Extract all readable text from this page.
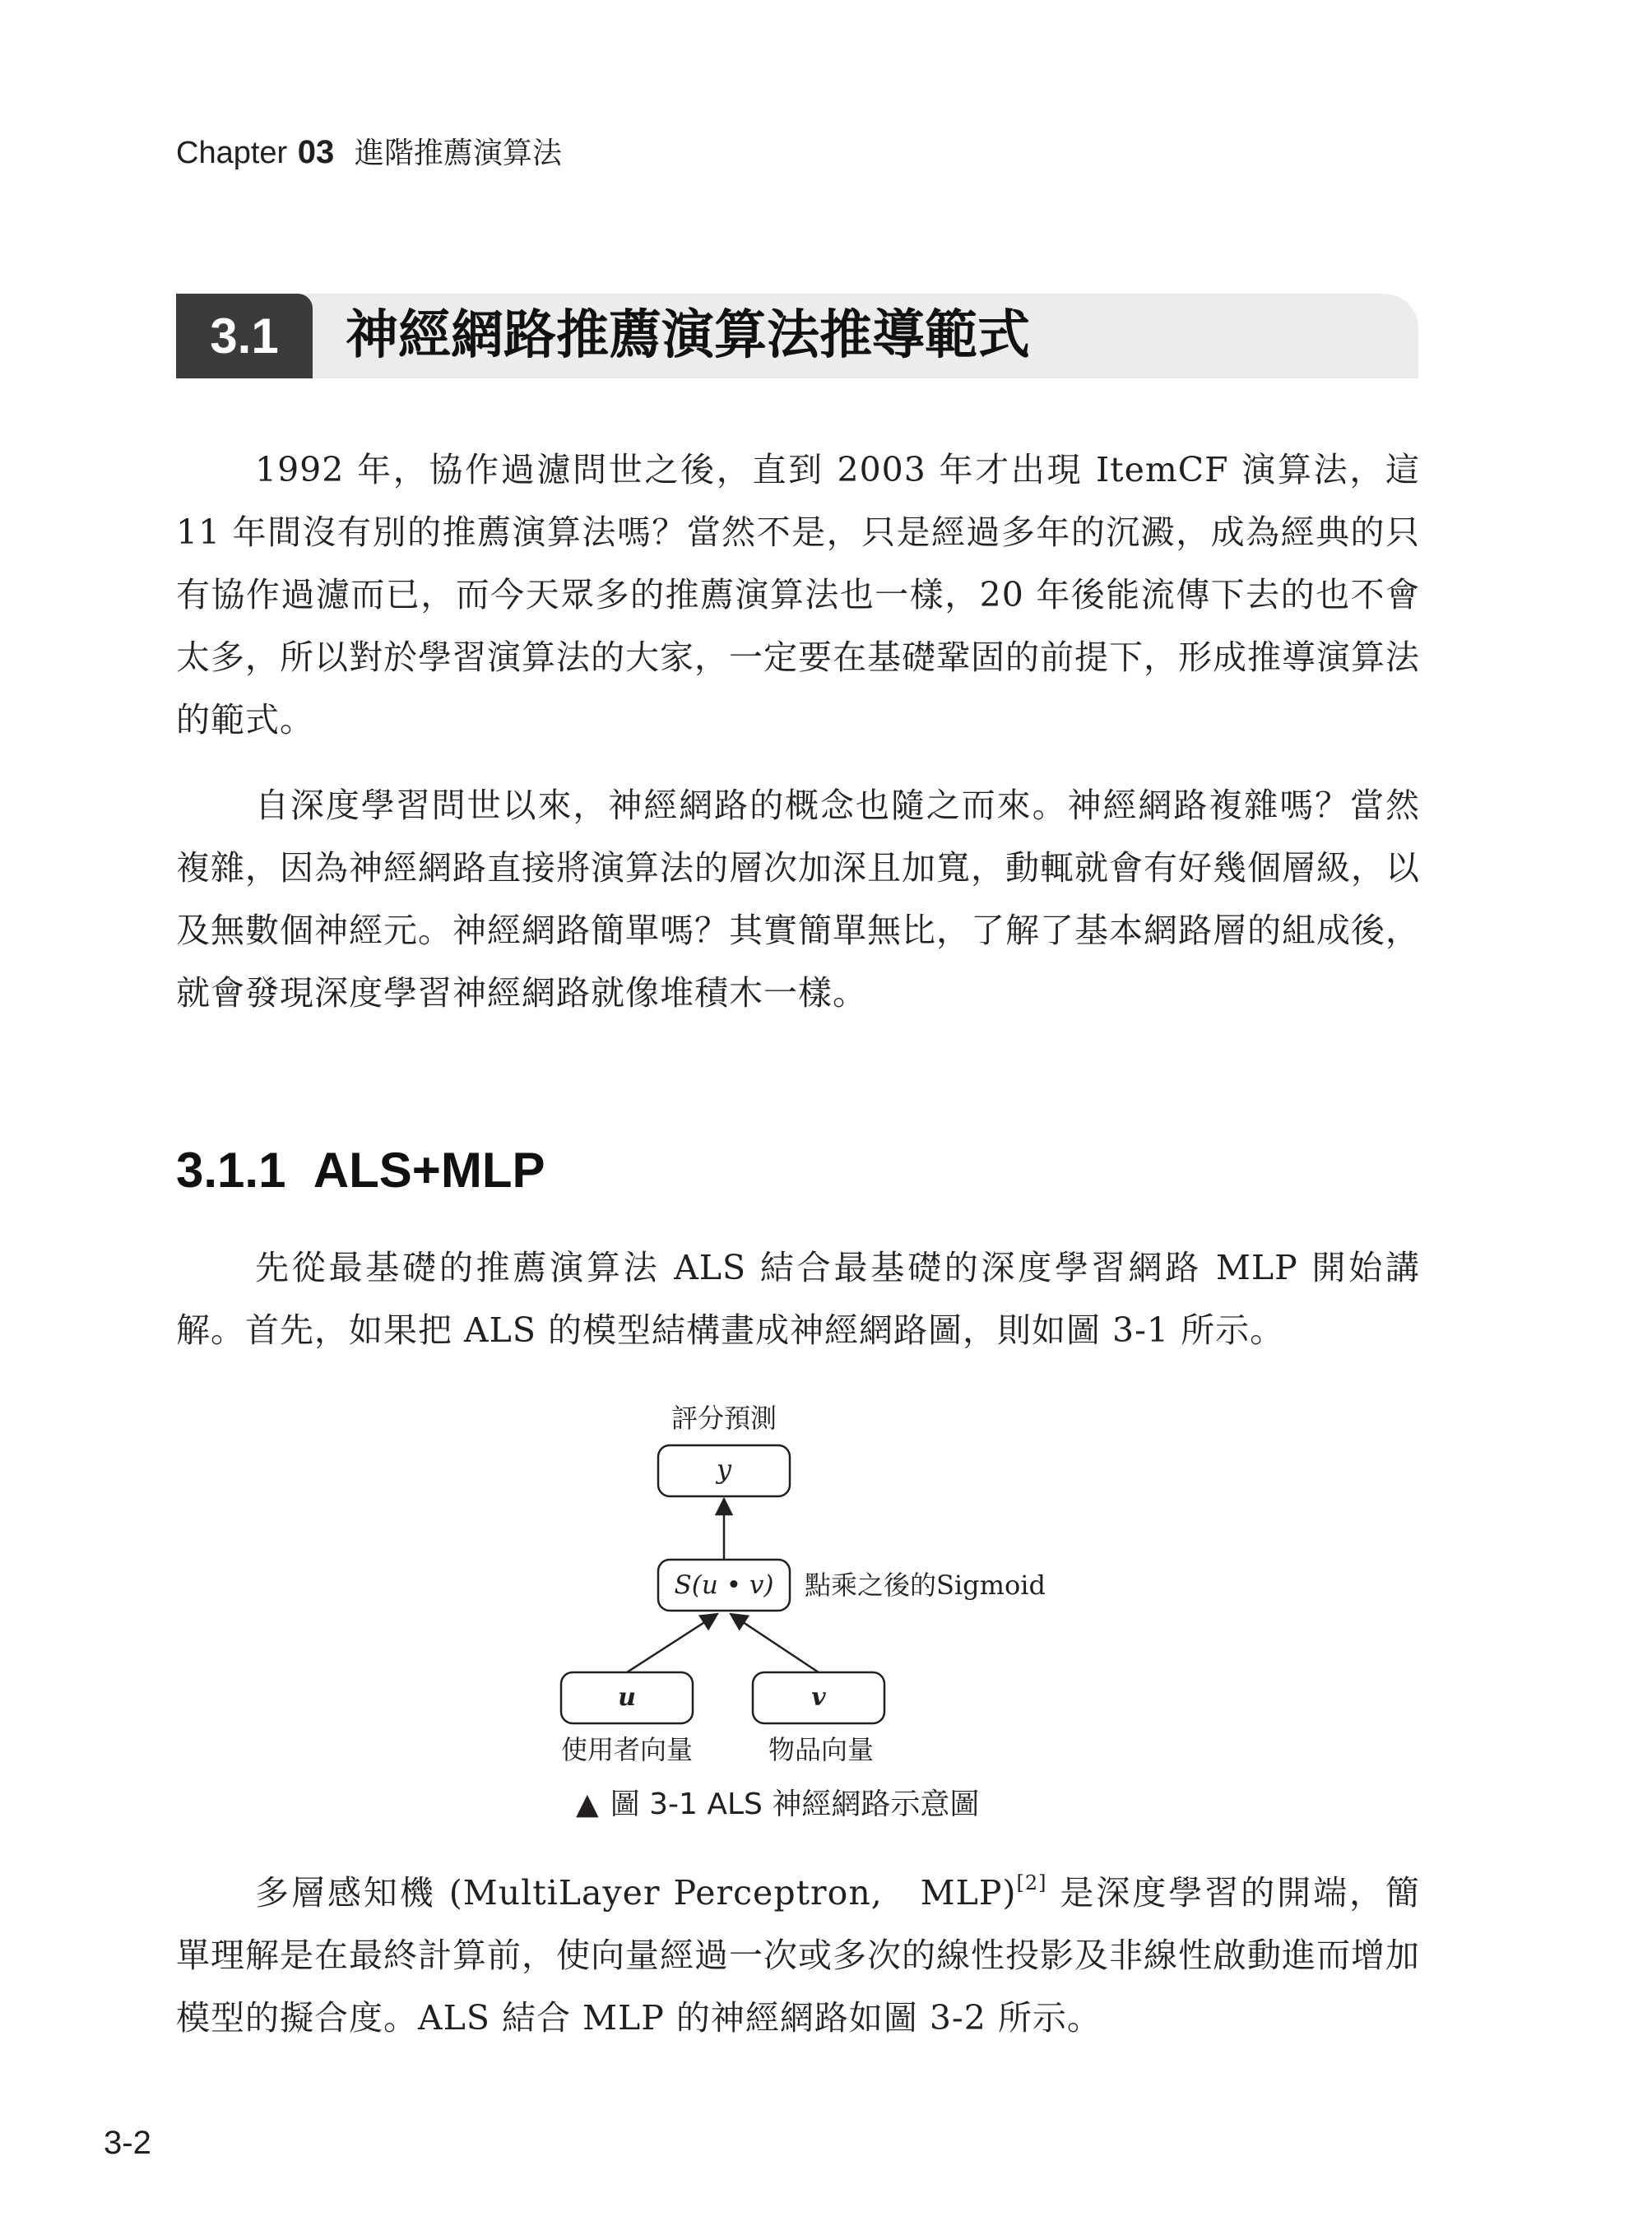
Chapter 03 進階推薦演算法
3.1	神經網路推薦演算法推導範式
1992 年，協作過濾問世之後，直到 2003 年才出現 ItemCF 演算法，這 11 年間沒有別的推薦演算法嗎？當然不是，只是經過多年的沉澱，成為經典的只有協作過濾而已，而今天眾多的推薦演算法也一樣，20 年後能流傳下去的也不會太多，所以對於學習演算法的大家，一定要在基礎鞏固的前提下，形成推導演算法的範式。
自深度學習問世以來，神經網路的概念也隨之而來。神經網路複雜嗎？當然複雜，因為神經網路直接將演算法的層次加深且加寬，動輒就會有好幾個層級，以及無數個神經元。神經網路簡單嗎？其實簡單無比，了解了基本網路層的組成後，就會發現深度學習神經網路就像堆積木一樣。
3.1.1 ALS+MLP
先從最基礎的推薦演算法 ALS 結合最基礎的深度學習網路 MLP 開始講解。首先，如果把 ALS 的模型結構畫成神經網路圖，則如圖 3-1 所示。
評分預測
y
S(u • v) 點乘之後的Sigmoid
u	v
使用者向量	物品向量
▲ 圖 3-1 ALS 神經網路示意圖
多層感知機 (MultiLayer Perceptron,　MLP)[2] 是深度學習的開端，簡單理解是在最終計算前，使向量經過一次或多次的線性投影及非線性啟動進而增加模型的擬合度。ALS 結合 MLP 的神經網路如圖 3-2 所示。
3-2
